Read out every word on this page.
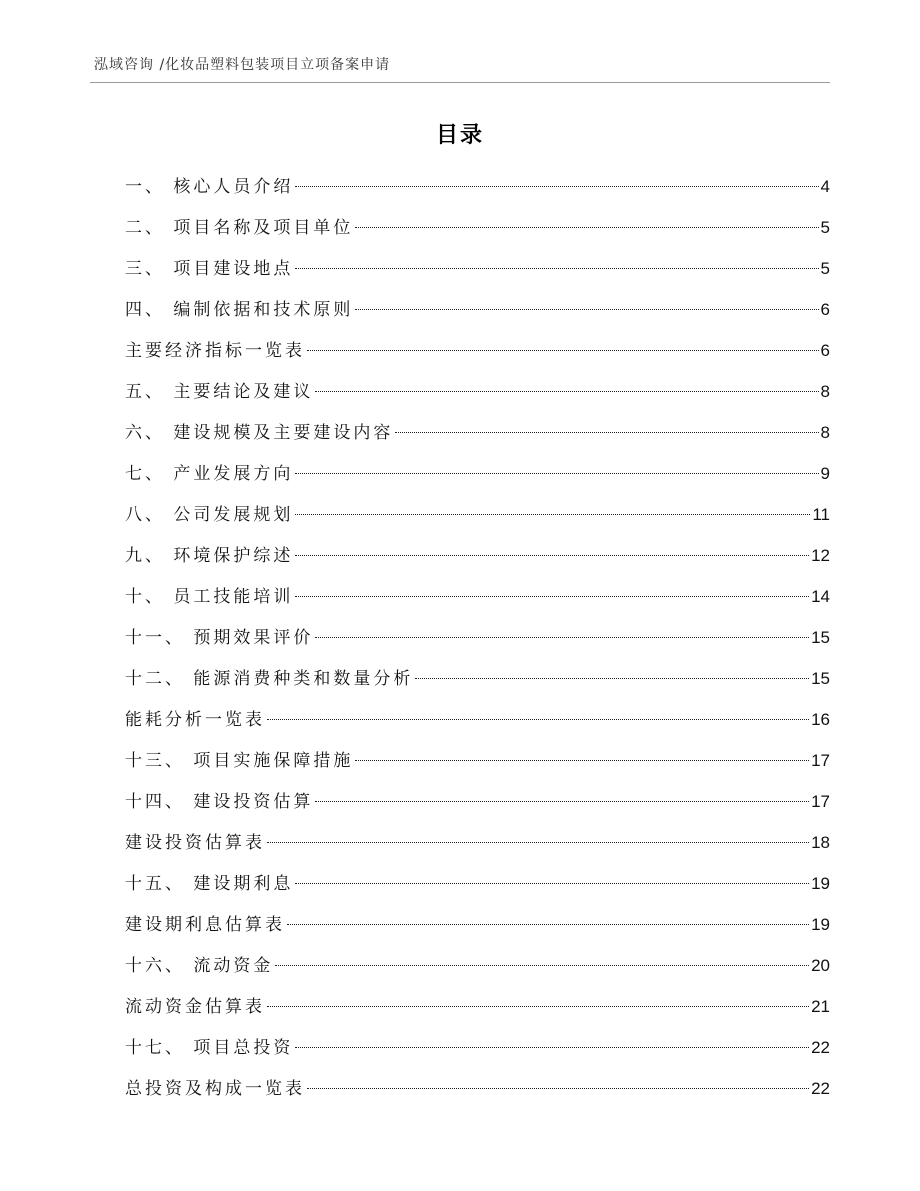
泓域咨询 /化妆品塑料包装项目立项备案申请
目录
一、 核心人员介绍	4
二、 项目名称及项目单位	5
三、 项目建设地点	5
四、 编制依据和技术原则	6
主要经济指标一览表	6
五、 主要结论及建议	8
六、 建设规模及主要建设内容	8
七、 产业发展方向	9
八、 公司发展规划	11
九、 环境保护综述	12
十、 员工技能培训	14
十一、 预期效果评价	15
十二、 能源消费种类和数量分析	15
能耗分析一览表	16
十三、 项目实施保障措施	17
十四、 建设投资估算	17
建设投资估算表	18
十五、 建设期利息	19
建设期利息估算表	19
十六、 流动资金	20
流动资金估算表	21
十七、 项目总投资	22
总投资及构成一览表	22
